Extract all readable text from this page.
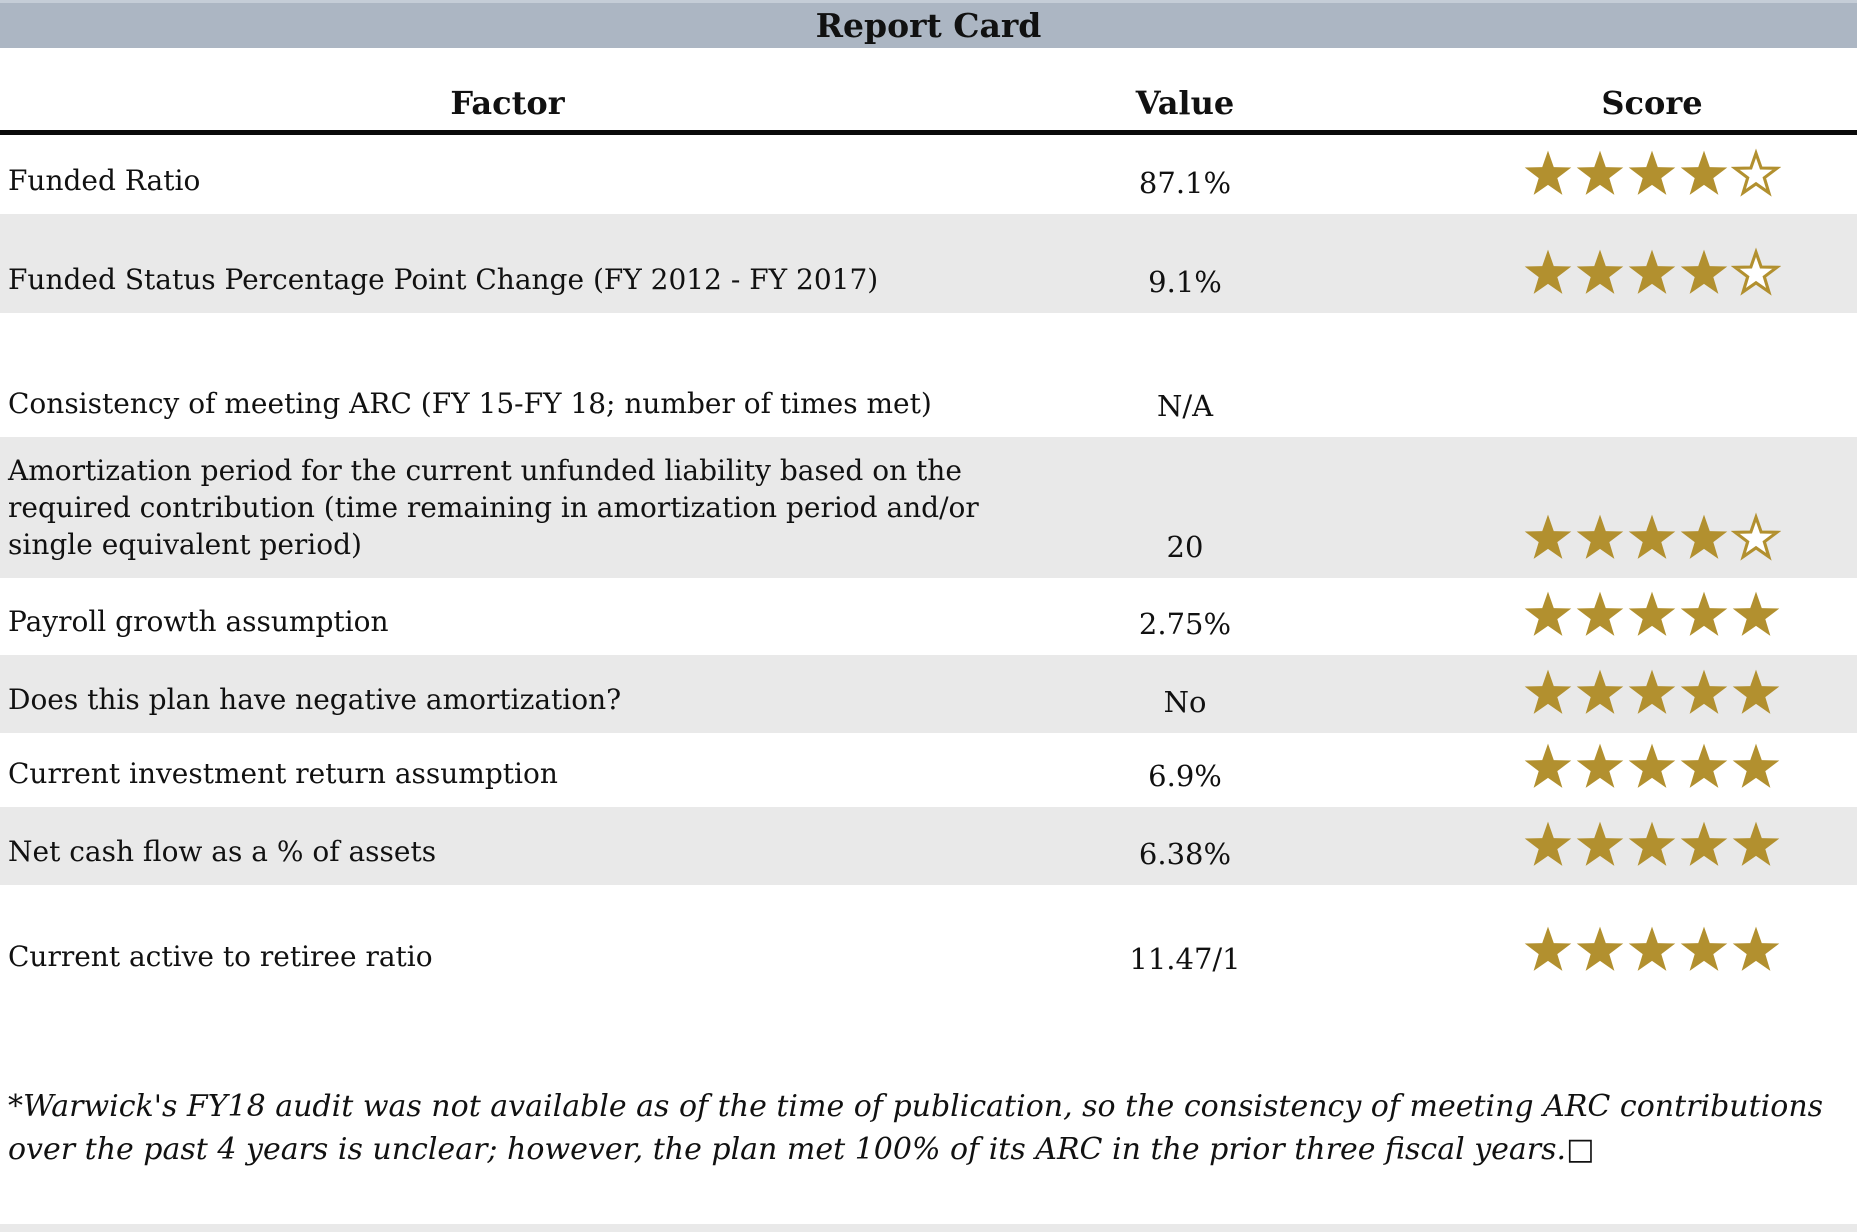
Report Card
Factor	Value	Score
Funded Ratio	87.1%
Funded Status Percentage Point Change (FY 2012 - FY 2017)	9.1%
Consistency of meeting ARC (FY 15-FY 18; number of times met)	N/A
Amortization period for the current unfunded liability based on the required contribution (time remaining in amortization period and/or single equivalent period)	20
Payroll growth assumption	2.75%
Does this plan have negative amortization?	No
Current investment return assumption	6.9%
Net cash flow as a % of assets	6.38%
Current active to retiree ratio	11.47/1
*Warwick's FY18 audit was not available as of the time of publication, so the consistency of meeting ARC contributions
over the past 4 years is unclear; however, the plan met 100% of its ARC in the prior three fiscal years.□
